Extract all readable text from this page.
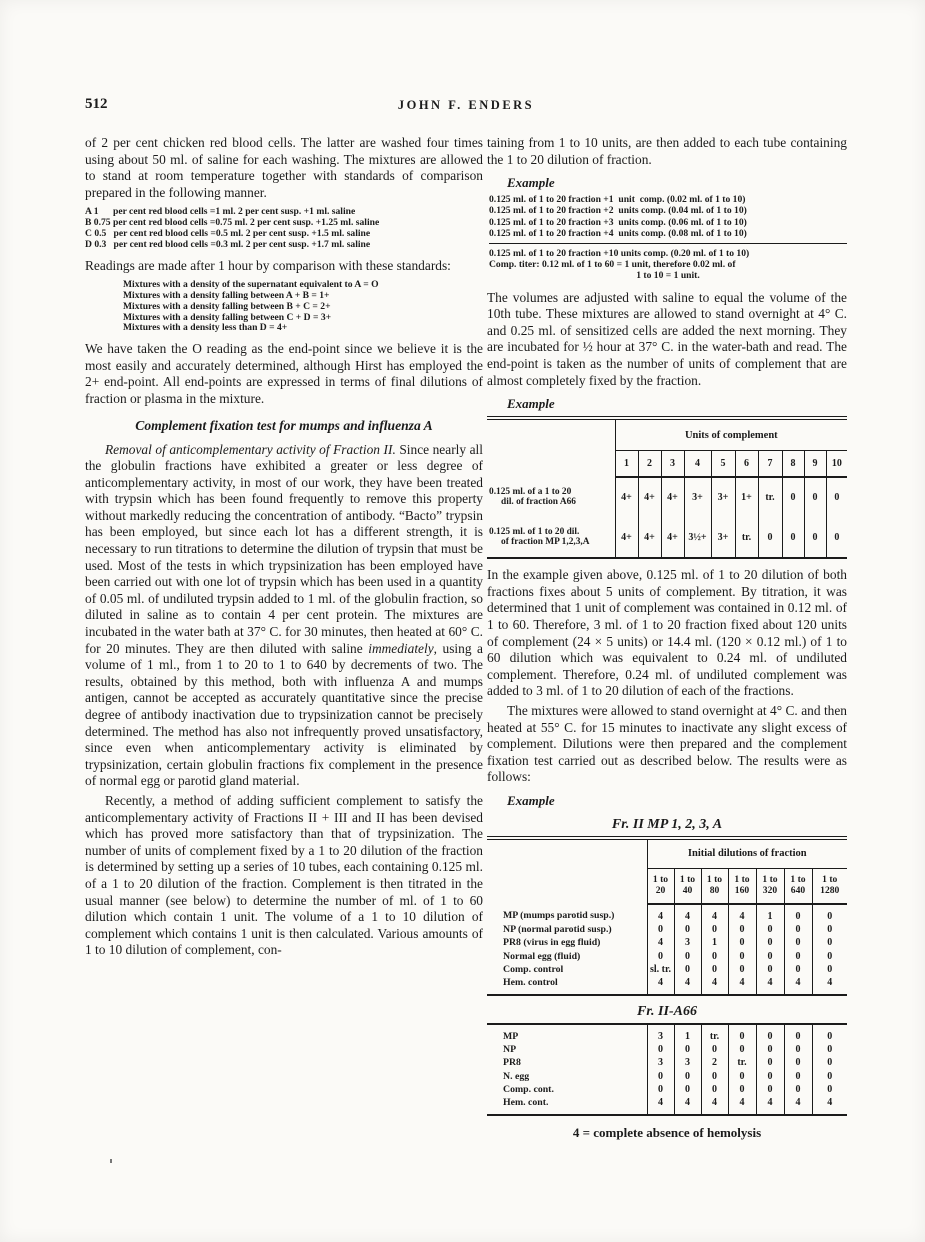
512	JOHN F. ENDERS

of 2 per cent chicken red blood cells. The latter are washed four times using about 50 ml. of saline for each washing. The mixtures are allowed to stand at room temperature together with standards of comparison prepared in the following manner.

A 1      per cent red blood cells =1 ml. 2 per cent susp. +1 ml. saline
B 0.75 per cent red blood cells =0.75 ml. 2 per cent susp. +1.25 ml. saline
C 0.5   per cent red blood cells =0.5 ml. 2 per cent susp. +1.5 ml. saline
D 0.3   per cent red blood cells =0.3 ml. 2 per cent susp. +1.7 ml. saline

Readings are made after 1 hour by comparison with these standards:

Mixtures with a density of the supernatant equivalent to A = O
Mixtures with a density falling between A + B = 1+
Mixtures with a density falling between B + C = 2+
Mixtures with a density falling between C + D = 3+
Mixtures with a density less than D = 4+

We have taken the O reading as the end-point since we believe it is the most easily and accurately determined, although Hirst has employed the 2+ end-point. All end-points are expressed in terms of final dilutions of fraction or plasma in the mixture.

Complement fixation test for mumps and influenza A

Removal of anticomplementary activity of Fraction II. Since nearly all the globulin fractions have exhibited a greater or less degree of anticomplementary activity, in most of our work, they have been treated with trypsin which has been found frequently to remove this property without markedly reducing the concentration of antibody. “Bacto” trypsin has been employed, but since each lot has a different strength, it is necessary to run titrations to determine the dilution of trypsin that must be used. Most of the tests in which trypsinization has been employed have been carried out with one lot of trypsin which has been used in a quantity of 0.05 ml. of undiluted trypsin added to 1 ml. of the globulin fraction, so diluted in saline as to contain 4 per cent protein. The mixtures are incubated in the water bath at 37° C. for 30 minutes, then heated at 60° C. for 20 minutes. They are then diluted with saline immediately, using a volume of 1 ml., from 1 to 20 to 1 to 640 by decrements of two. The results, obtained by this method, both with influenza A and mumps antigen, cannot be accepted as accurately quantitative since the precise degree of antibody inactivation due to trypsinization cannot be precisely determined. The method has also not infrequently proved unsatisfactory, since even when anticomplementary activity is eliminated by trypsinization, certain globulin fractions fix complement in the presence of normal egg or parotid gland material.

Recently, a method of adding sufficient complement to satisfy the anticomplementary activity of Fractions II + III and II has been devised which has proved more satisfactory than that of trypsinization. The number of units of complement fixed by a 1 to 20 dilution of the fraction is determined by setting up a series of 10 tubes, each containing 0.125 ml. of a 1 to 20 dilution of the fraction. Complement is then titrated in the usual manner (see below) to determine the number of ml. of 1 to 60 dilution which contain 1 unit. The volume of a 1 to 10 dilution of complement which contains 1 unit is then calculated. Various amounts of 1 to 10 dilution of complement, con-

taining from 1 to 10 units, are then added to each tube containing the 1 to 20 dilution of fraction.

Example
0.125 ml. of 1 to 20 fraction +1  unit  comp. (0.02 ml. of 1 to 10)
0.125 ml. of 1 to 20 fraction +2  units comp. (0.04 ml. of 1 to 10)
0.125 ml. of 1 to 20 fraction +3  units comp. (0.06 ml. of 1 to 10)
0.125 ml. of 1 to 20 fraction +4  units comp. (0.08 ml. of 1 to 10)
0.125 ml. of 1 to 20 fraction +10 units comp. (0.20 ml. of 1 to 10)
Comp. titer: 0.12 ml. of 1 to 60 = 1 unit, therefore 0.02 ml. of
1 to 10 = 1 unit.

The volumes are adjusted with saline to equal the volume of the 10th tube. These mixtures are allowed to stand overnight at 4° C. and 0.25 ml. of sensitized cells are added the next morning. They are incubated for ½ hour at 37° C. in the water-bath and read. The end-point is taken as the number of units of complement that are almost completely fixed by the fraction.

Example
	Units of complement									
	1	2	3	4	5	6	7	8	9	10

0.125 ml. of a 1 to 20
dil. of fraction A66	4+	4+	4+	3+	3+	1+	tr.	0	0	0

0.125 ml. of 1 to 20 dil.
of fraction MP 1,2,3,A	4+	4+	4+	3½+	3+	tr.	0	0	0	0

In the example given above, 0.125 ml. of 1 to 20 dilution of both fractions fixes about 5 units of complement. By titration, it was determined that 1 unit of complement was contained in 0.12 ml. of 1 to 60. Therefore, 3 ml. of 1 to 20 fraction fixed about 120 units of complement (24 × 5 units) or 14.4 ml. (120 × 0.12 ml.) of 1 to 60 dilution which was equivalent to 0.24 ml. of undiluted complement. Therefore, 0.24 ml. of undiluted complement was added to 3 ml. of 1 to 20 dilution of each of the fractions.

The mixtures were allowed to stand overnight at 4° C. and then heated at 55° C. for 15 minutes to inactivate any slight excess of complement. Dilutions were then prepared and the complement fixation test carried out as described below. The results were as follows:

Example
Fr. II MP 1, 2, 3, A
	Initial dilutions of fraction						
	1 to 20	1 to 40	1 to 80	1 to 160	1 to 320	1 to 640	1 to 1280
MP (mumps parotid susp.)	4	4	4	4	1	0	0
NP (normal parotid susp.)	0	0	0	0	0	0	0
PR8 (virus in egg fluid)	4	3	1	0	0	0	0
Normal egg (fluid)	0	0	0	0	0	0	0
Comp. control	sl. tr.	0	0	0	0	0	0
Hem. control	4	4	4	4	4	4	4
Fr. II-A66
MP	3	1	tr.	0	0	0	0
NP	0	0	0	0	0	0	0
PR8	3	3	2	tr.	0	0	0
N. egg	0	0	0	0	0	0	0
Comp. cont.	0	0	0	0	0	0	0
Hem. cont.	4	4	4	4	4	4	4
4 = complete absence of hemolysis
